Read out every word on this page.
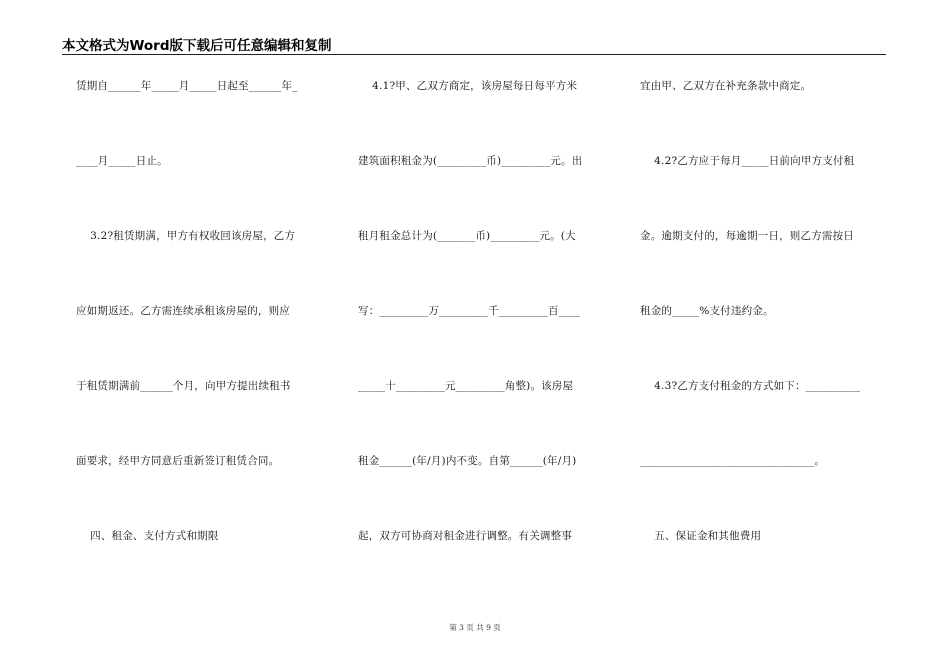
本文格式为Word版下载后可任意编辑和复制
赁期自______年_____月_____日起至______年_
____月_____日止。
3.2?租赁期满，甲方有权收回该房屋，乙方
应如期返还。乙方需连续承租该房屋的，则应
于租赁期满前______个月，向甲方提出续租书
面要求，经甲方同意后重新签订租赁合同。
四、租金、支付方式和期限
4.1?甲、乙双方商定，该房屋每日每平方米
建筑面积租金为(_________币)_________元。出
租月租金总计为(_______币)_________元。(大
写：_________万_________千_________百____
_____十_________元_________角整)。该房屋
租金______(年/月)内不变。自第______(年/月)
起，双方可协商对租金进行调整。有关调整事
宜由甲、乙双方在补充条款中商定。
4.2?乙方应于每月_____日前向甲方支付租
金。逾期支付的，每逾期一日，则乙方需按日
租金的_____%支付违约金。
4.3?乙方支付租金的方式如下：__________
________________________________。
五、保证金和其他费用
第 3 页 共 9 页
